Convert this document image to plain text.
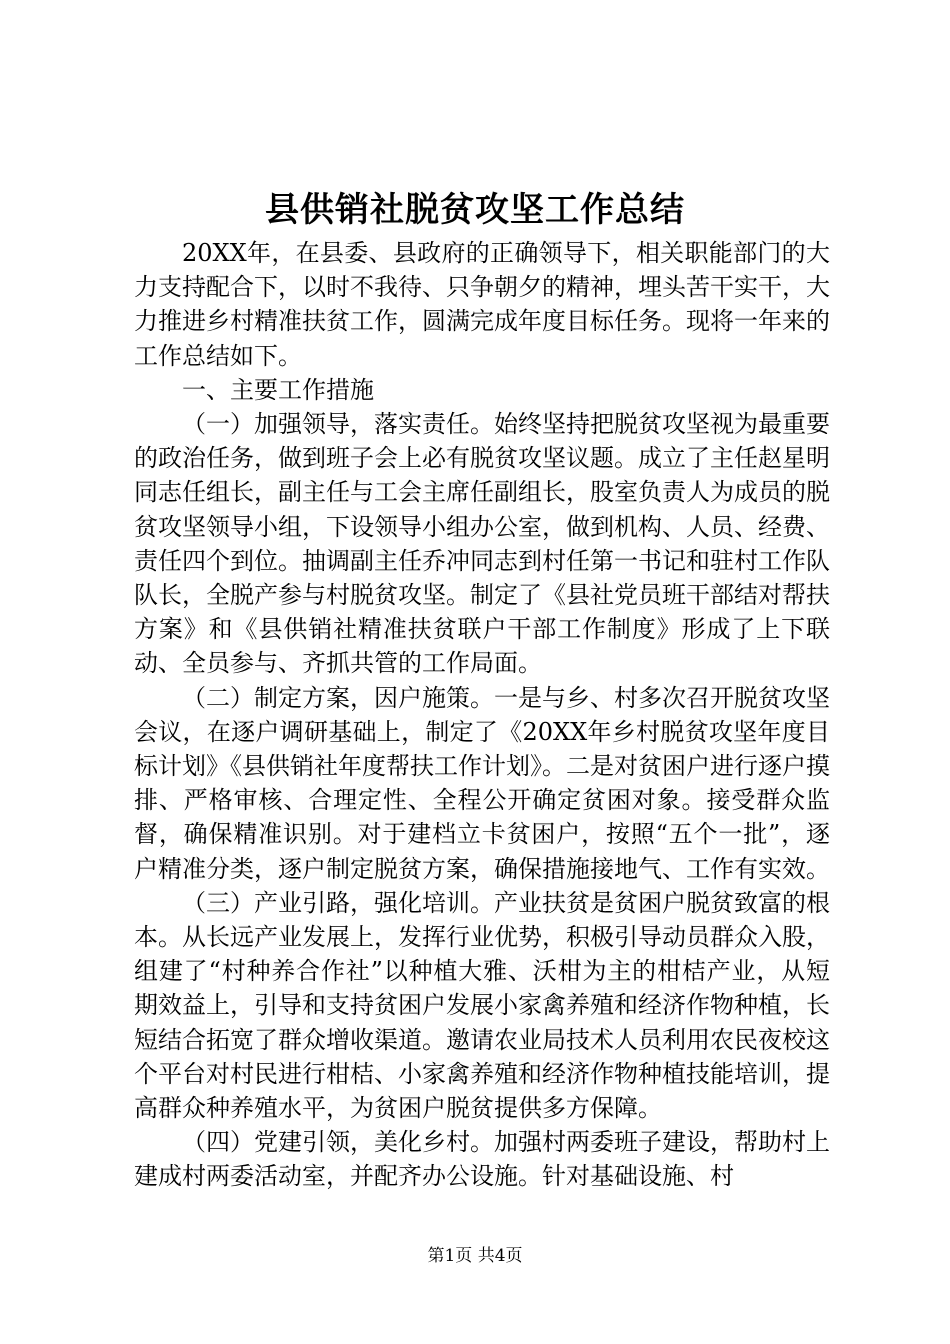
县供销社脱贫攻坚工作总结

20XX年，在县委、县政府的正确领导下，相关职能部门的大力支持配合下，以时不我待、只争朝夕的精神，埋头苦干实干，大力推进乡村精准扶贫工作，圆满完成年度目标任务。现将一年来的工作总结如下。

一、主要工作措施

（一）加强领导，落实责任。始终坚持把脱贫攻坚视为最重要的政治任务，做到班子会上必有脱贫攻坚议题。成立了主任赵星明同志任组长，副主任与工会主席任副组长，股室负责人为成员的脱贫攻坚领导小组，下设领导小组办公室，做到机构、人员、经费、责任四个到位。抽调副主任乔冲同志到村任第一书记和驻村工作队队长，全脱产参与村脱贫攻坚。制定了《县社党员班干部结对帮扶方案》和《县供销社精准扶贫联户干部工作制度》形成了上下联动、全员参与、齐抓共管的工作局面。

（二）制定方案，因户施策。一是与乡、村多次召开脱贫攻坚会议，在逐户调研基础上，制定了《20XX年乡村脱贫攻坚年度目标计划》《县供销社年度帮扶工作计划》。二是对贫困户进行逐户摸排、严格审核、合理定性、全程公开确定贫困对象。接受群众监督，确保精准识别。对于建档立卡贫困户，按照“五个一批”，逐户精准分类，逐户制定脱贫方案，确保措施接地气、工作有实效。

（三）产业引路，强化培训。产业扶贫是贫困户脱贫致富的根本。从长远产业发展上，发挥行业优势，积极引导动员群众入股，组建了“村种养合作社”以种植大雅、沃柑为主的柑桔产业，从短期效益上，引导和支持贫困户发展小家禽养殖和经济作物种植，长短结合拓宽了群众增收渠道。邀请农业局技术人员利用农民夜校这个平台对村民进行柑桔、小家禽养殖和经济作物种植技能培训，提高群众种养殖水平，为贫困户脱贫提供多方保障。

（四）党建引领，美化乡村。加强村两委班子建设，帮助村上建成村两委活动室，并配齐办公设施。针对基础设施、村

第1页 共4页
